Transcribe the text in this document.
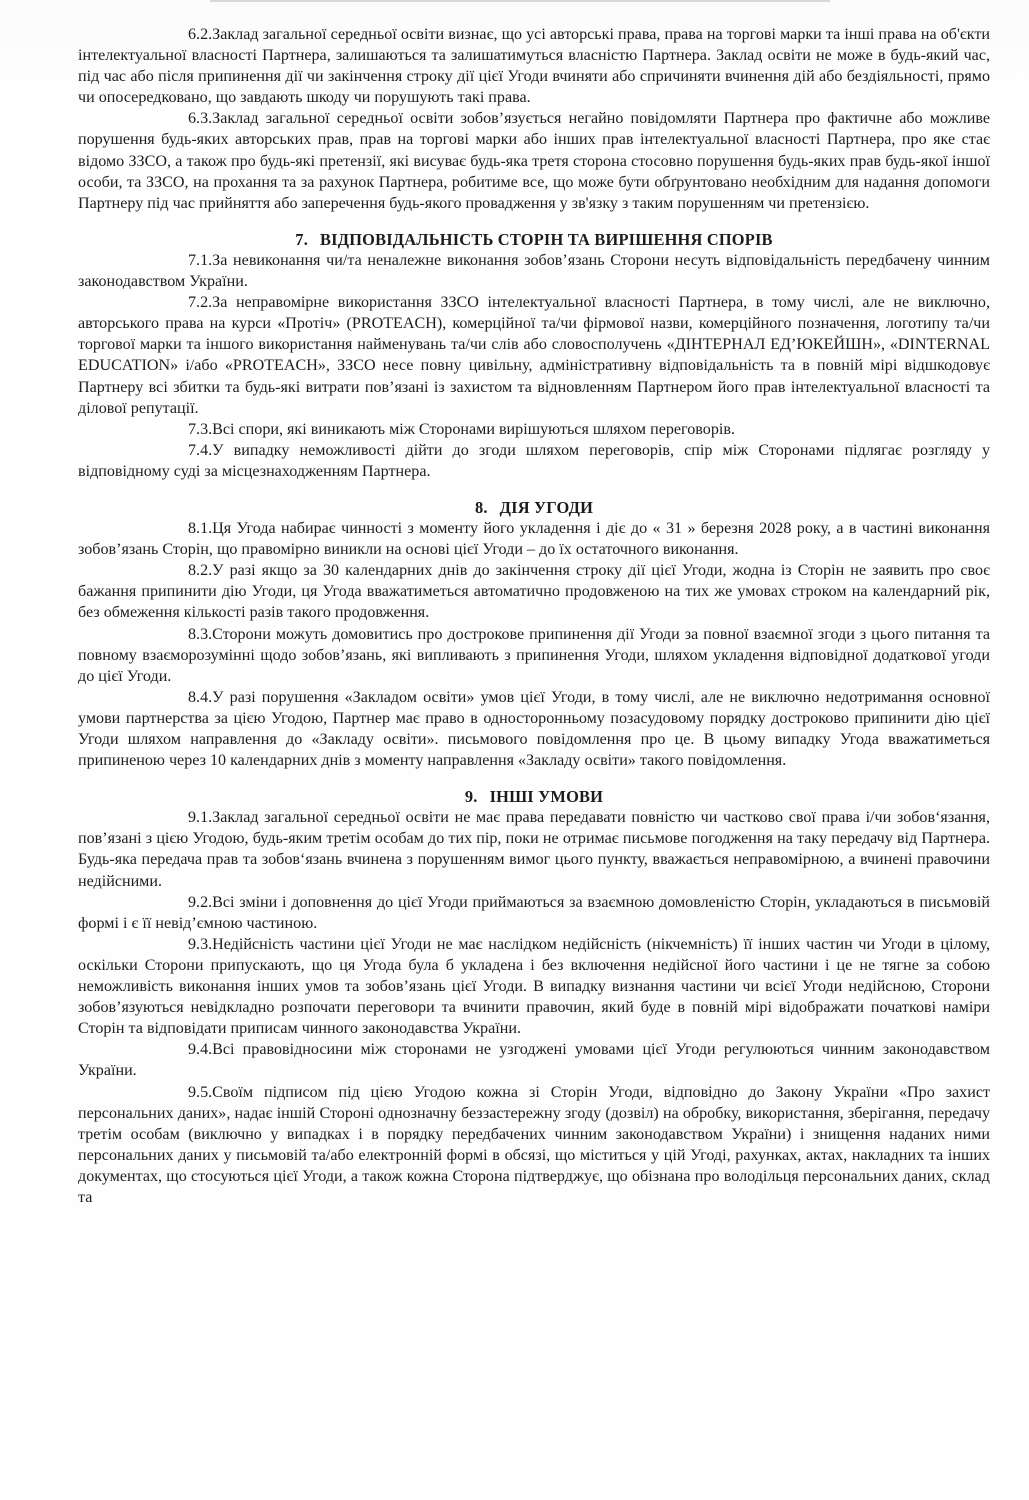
6.2.Заклад загальної середньої освіти визнає, що усі авторські права, права на торгові марки та інші права на об'єкти інтелектуальної власності Партнера, залишаються та залишатимуться власністю Партнера. Заклад освіти не може в будь-який час, під час або після припинення дії чи закінчення строку дії цієї Угоди вчиняти або спричиняти вчинення дій або бездіяльності, прямо чи опосередковано, що завдають шкоду чи порушують такі права.

6.3.Заклад загальної середньої освіти зобов’язується негайно повідомляти Партнера про фактичне або можливе порушення будь-яких авторських прав, прав на торгові марки або інших прав інтелектуальної власності Партнера, про яке стає відомо ЗЗСО, а також про будь-які претензії, які висуває будь-яка третя сторона стосовно порушення будь-яких прав будь-якої іншої особи, та ЗЗСО, на прохання та за рахунок Партнера, робитиме все, що може бути обґрунтовано необхідним для надання допомоги Партнеру під час прийняття або заперечення будь-якого провадження у зв'язку з таким порушенням чи претензією.

7. ВІДПОВІДАЛЬНІСТЬ СТОРІН ТА ВИРІШЕННЯ СПОРІВ

7.1.За невиконання чи/та неналежне виконання зобов’язань Сторони несуть відповідальність передбачену чинним законодавством України.

7.2.За неправомірне використання ЗЗСО інтелектуальної власності Партнера, в тому числі, але не виключно, авторського права на курси «Протіч» (PROTEACH), комерційної та/чи фірмової назви, комерційного позначення, логотипу та/чи торгової марки та іншого використання найменувань та/чи слів або словосполучень «ДІНТЕРНАЛ ЕД’ЮКЕЙШН», «DINTERNAL EDUCATION» і/або «PROTEACH», ЗЗСО несе повну цивільну, адміністративну відповідальність та в повній мірі відшкодовує Партнеру всі збитки та будь-які витрати пов’язані із захистом та відновленням Партнером його прав інтелектуальної власності та ділової репутації.

7.3.Всі спори, які виникають між Сторонами вирішуються шляхом переговорів.

7.4.У випадку неможливості дійти до згоди шляхом переговорів, спір між Сторонами підлягає розгляду у відповідному суді за місцезнаходженням Партнера.

8. ДІЯ УГОДИ

8.1.Ця Угода набирає чинності з моменту його укладення і діє до « 31 » березня 2028 року, а в частині виконання зобов’язань Сторін, що правомірно виникли на основі цієї Угоди – до їх остаточного виконання.

8.2.У разі якщо за 30 календарних днів до закінчення строку дії цієї Угоди, жодна із Сторін не заявить про своє бажання припинити дію Угоди, ця Угода вважатиметься автоматично продовженою на тих же умовах строком на календарний рік, без обмеження кількості разів такого продовження.

8.3.Сторони можуть домовитись про дострокове припинення дії Угоди за повної взаємної згоди з цього питання та повному взаєморозумінні щодо зобов’язань, які випливають з припинення Угоди, шляхом укладення відповідної додаткової угоди до цієї Угоди.

8.4.У разі порушення «Закладом освіти» умов цієї Угоди, в тому числі, але не виключно недотримання основної умови партнерства за цією Угодою, Партнер має право в односторонньому позасудовому порядку достроково припинити дію цієї Угоди шляхом направлення до «Закладу освіти». письмового повідомлення про це. В цьому випадку Угода вважатиметься припиненою через 10 календарних днів з моменту направлення «Закладу освіти» такого повідомлення.

9. ІНШІ УМОВИ

9.1.Заклад загальної середньої освіти не має права передавати повністю чи частково свої права і/чи зобов‘язання, пов’язані з цією Угодою, будь-яким третім особам до тих пір, поки не отримає письмове погодження на таку передачу від Партнера. Будь-яка передача прав та зобов‘язань вчинена з порушенням вимог цього пункту, вважається неправомірною, а вчинені правочини недійсними.

9.2.Всі зміни і доповнення до цієї Угоди приймаються за взаємною домовленістю Сторін, укладаються в письмовій формі і є її невід’ємною частиною.

9.3.Недійсність частини цієї Угоди не має наслідком недійсність (нікчемність) її інших частин чи Угоди в цілому, оскільки Сторони припускають, що ця Угода була б укладена і без включення недійсної його частини і це не тягне за собою неможливість виконання інших умов та зобов’язань цієї Угоди. В випадку визнання частини чи всієї Угоди недійсною, Сторони зобов’язуються невідкладно розпочати переговори та вчинити правочин, який буде в повній мірі відображати початкові наміри Сторін та відповідати приписам чинного законодавства України.

9.4.Всі правовідносини між сторонами не узгоджені умовами цієї Угоди регулюються чинним законодавством України.

9.5.Своїм підписом під цією Угодою кожна зі Сторін Угоди, відповідно до Закону України «Про захист персональних даних», надає іншій Стороні однозначну беззастережну згоду (дозвіл) на обробку, використання, зберігання, передачу третім особам (виключно у випадках і в порядку передбачених чинним законодавством України) і знищення наданих ними персональних даних у письмовій та/або електронній формі в обсязі, що міститься у цій Угоді, рахунках, актах, накладних та інших документах, що стосуються цієї Угоди, а також кожна Сторона підтверджує, що обізнана про володільця персональних даних, склад та
